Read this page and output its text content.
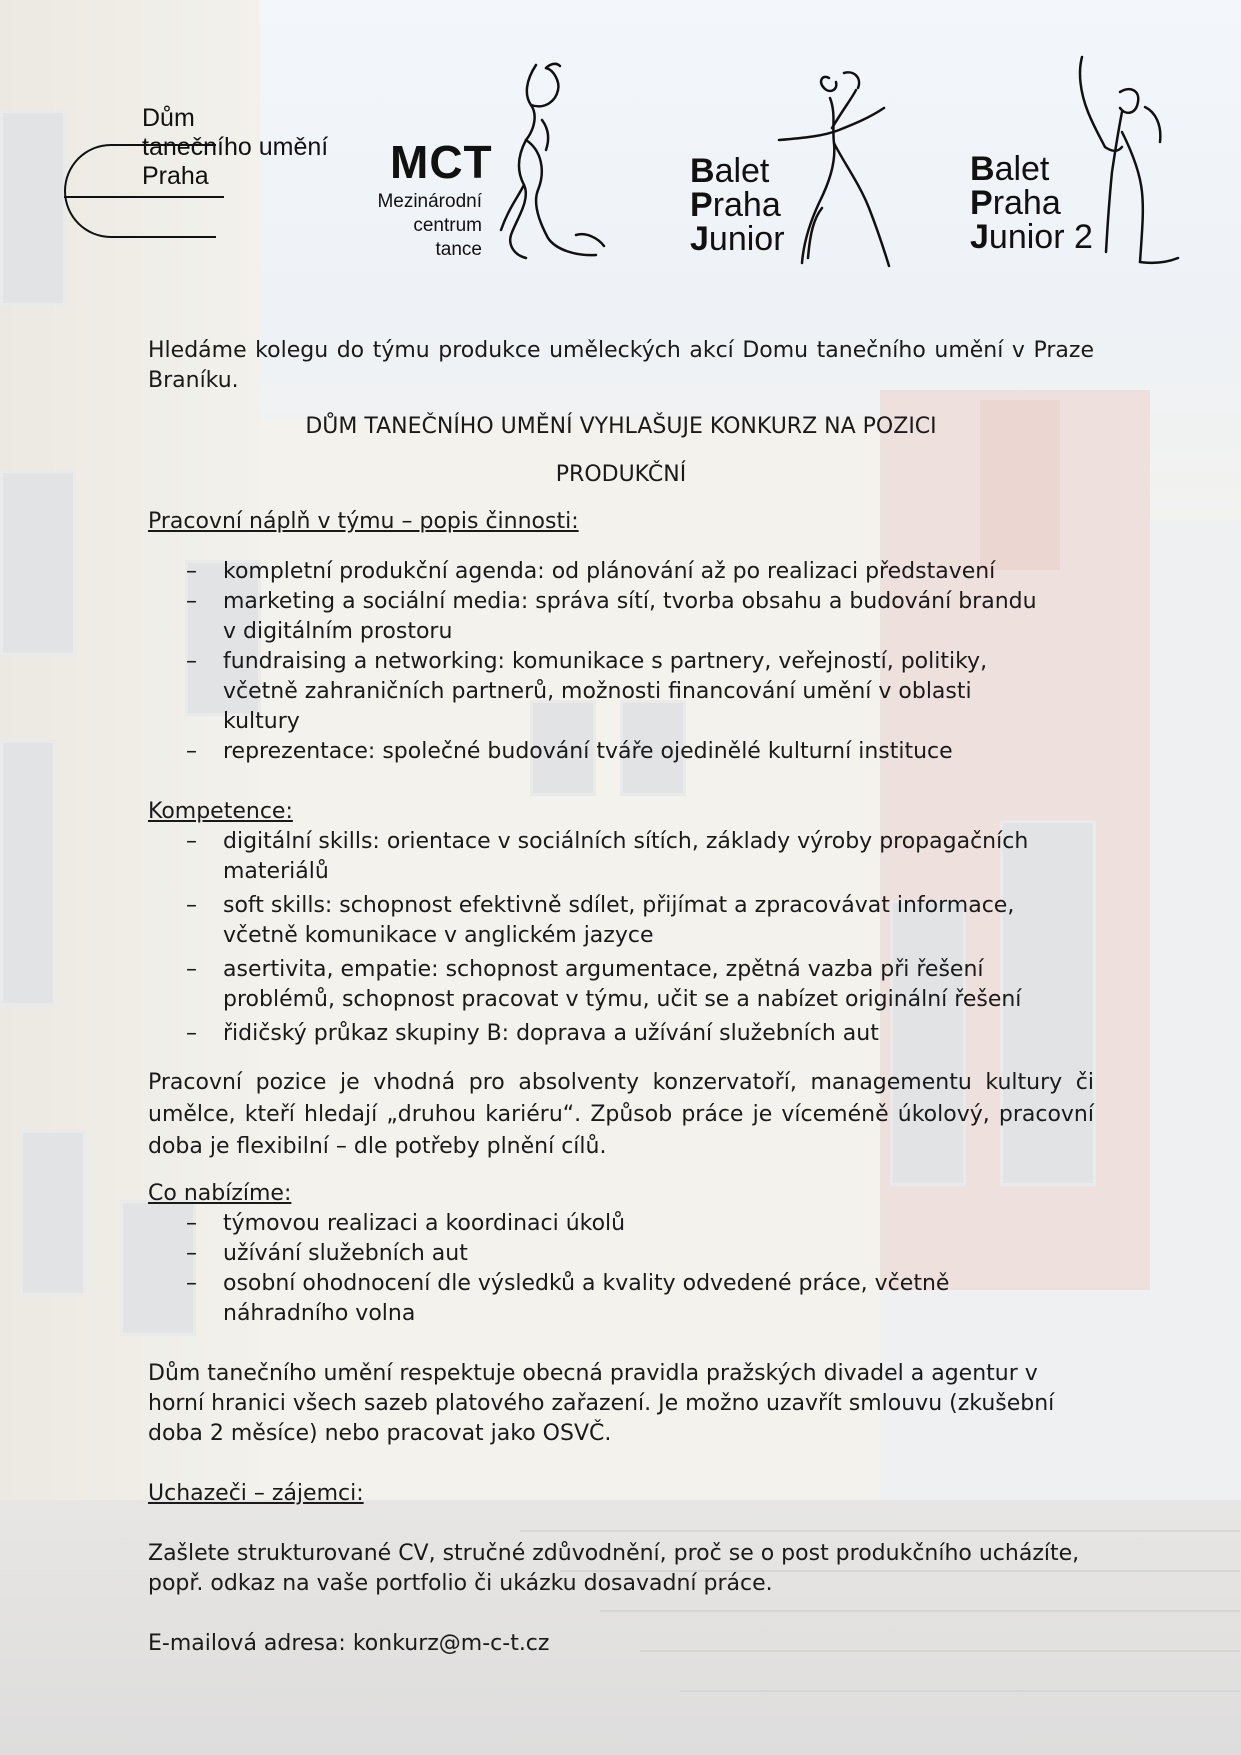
Dům
tanečního umění
Praha	MCT
Mezinárodní
centrum
tance
Balet
Praha
Junior
Balet
Praha
Junior 2

Hledáme kolegu do týmu produkce uměleckých akcí Domu tanečního umění v Praze Braníku.

DŮM TANEČNÍHO UMĚNÍ VYHLAŠUJE KONKURZ NA POZICI

PRODUKČNÍ

Pracovní náplň v týmu – popis činnosti:

– kompletní produkční agenda: od plánování až po realizaci představení
– marketing a sociální media: správa sítí, tvorba obsahu a budování brandu v digitálním prostoru
– fundraising a networking: komunikace s partnery, veřejností, politiky, včetně zahraničních partnerů, možnosti financování umění v oblasti kultury
– reprezentace: společné budování tváře ojedinělé kulturní instituce

Kompetence:

– digitální skills: orientace v sociálních sítích, základy výroby propagačních materiálů
– soft skills: schopnost efektivně sdílet, přijímat a zpracovávat informace, včetně komunikace v anglickém jazyce
– asertivita, empatie: schopnost argumentace, zpětná vazba při řešení problémů, schopnost pracovat v týmu, učit se a nabízet originální řešení
– řidičský průkaz skupiny B: doprava a užívání služebních aut

Pracovní pozice je vhodná pro absolventy konzervatoří, managementu kultury či umělce, kteří hledají „druhou kariéru“. Způsob práce je víceméně úkolový, pracovní doba je flexibilní – dle potřeby plnění cílů.

Co nabízíme:

– týmovou realizaci a koordinaci úkolů
– užívání služebních aut
– osobní ohodnocení dle výsledků a kvality odvedené práce, včetně náhradního volna

Dům tanečního umění respektuje obecná pravidla pražských divadel a agentur v horní hranici všech sazeb platového zařazení. Je možno uzavřít smlouvu (zkušební doba 2 měsíce) nebo pracovat jako OSVČ.

Uchazeči – zájemci:

Zašlete strukturované CV, stručné zdůvodnění, proč se o post produkčního ucházíte, popř. odkaz na vaše portfolio či ukázku dosavadní práce.

E-mailová adresa: konkurz@m-c-t.cz
